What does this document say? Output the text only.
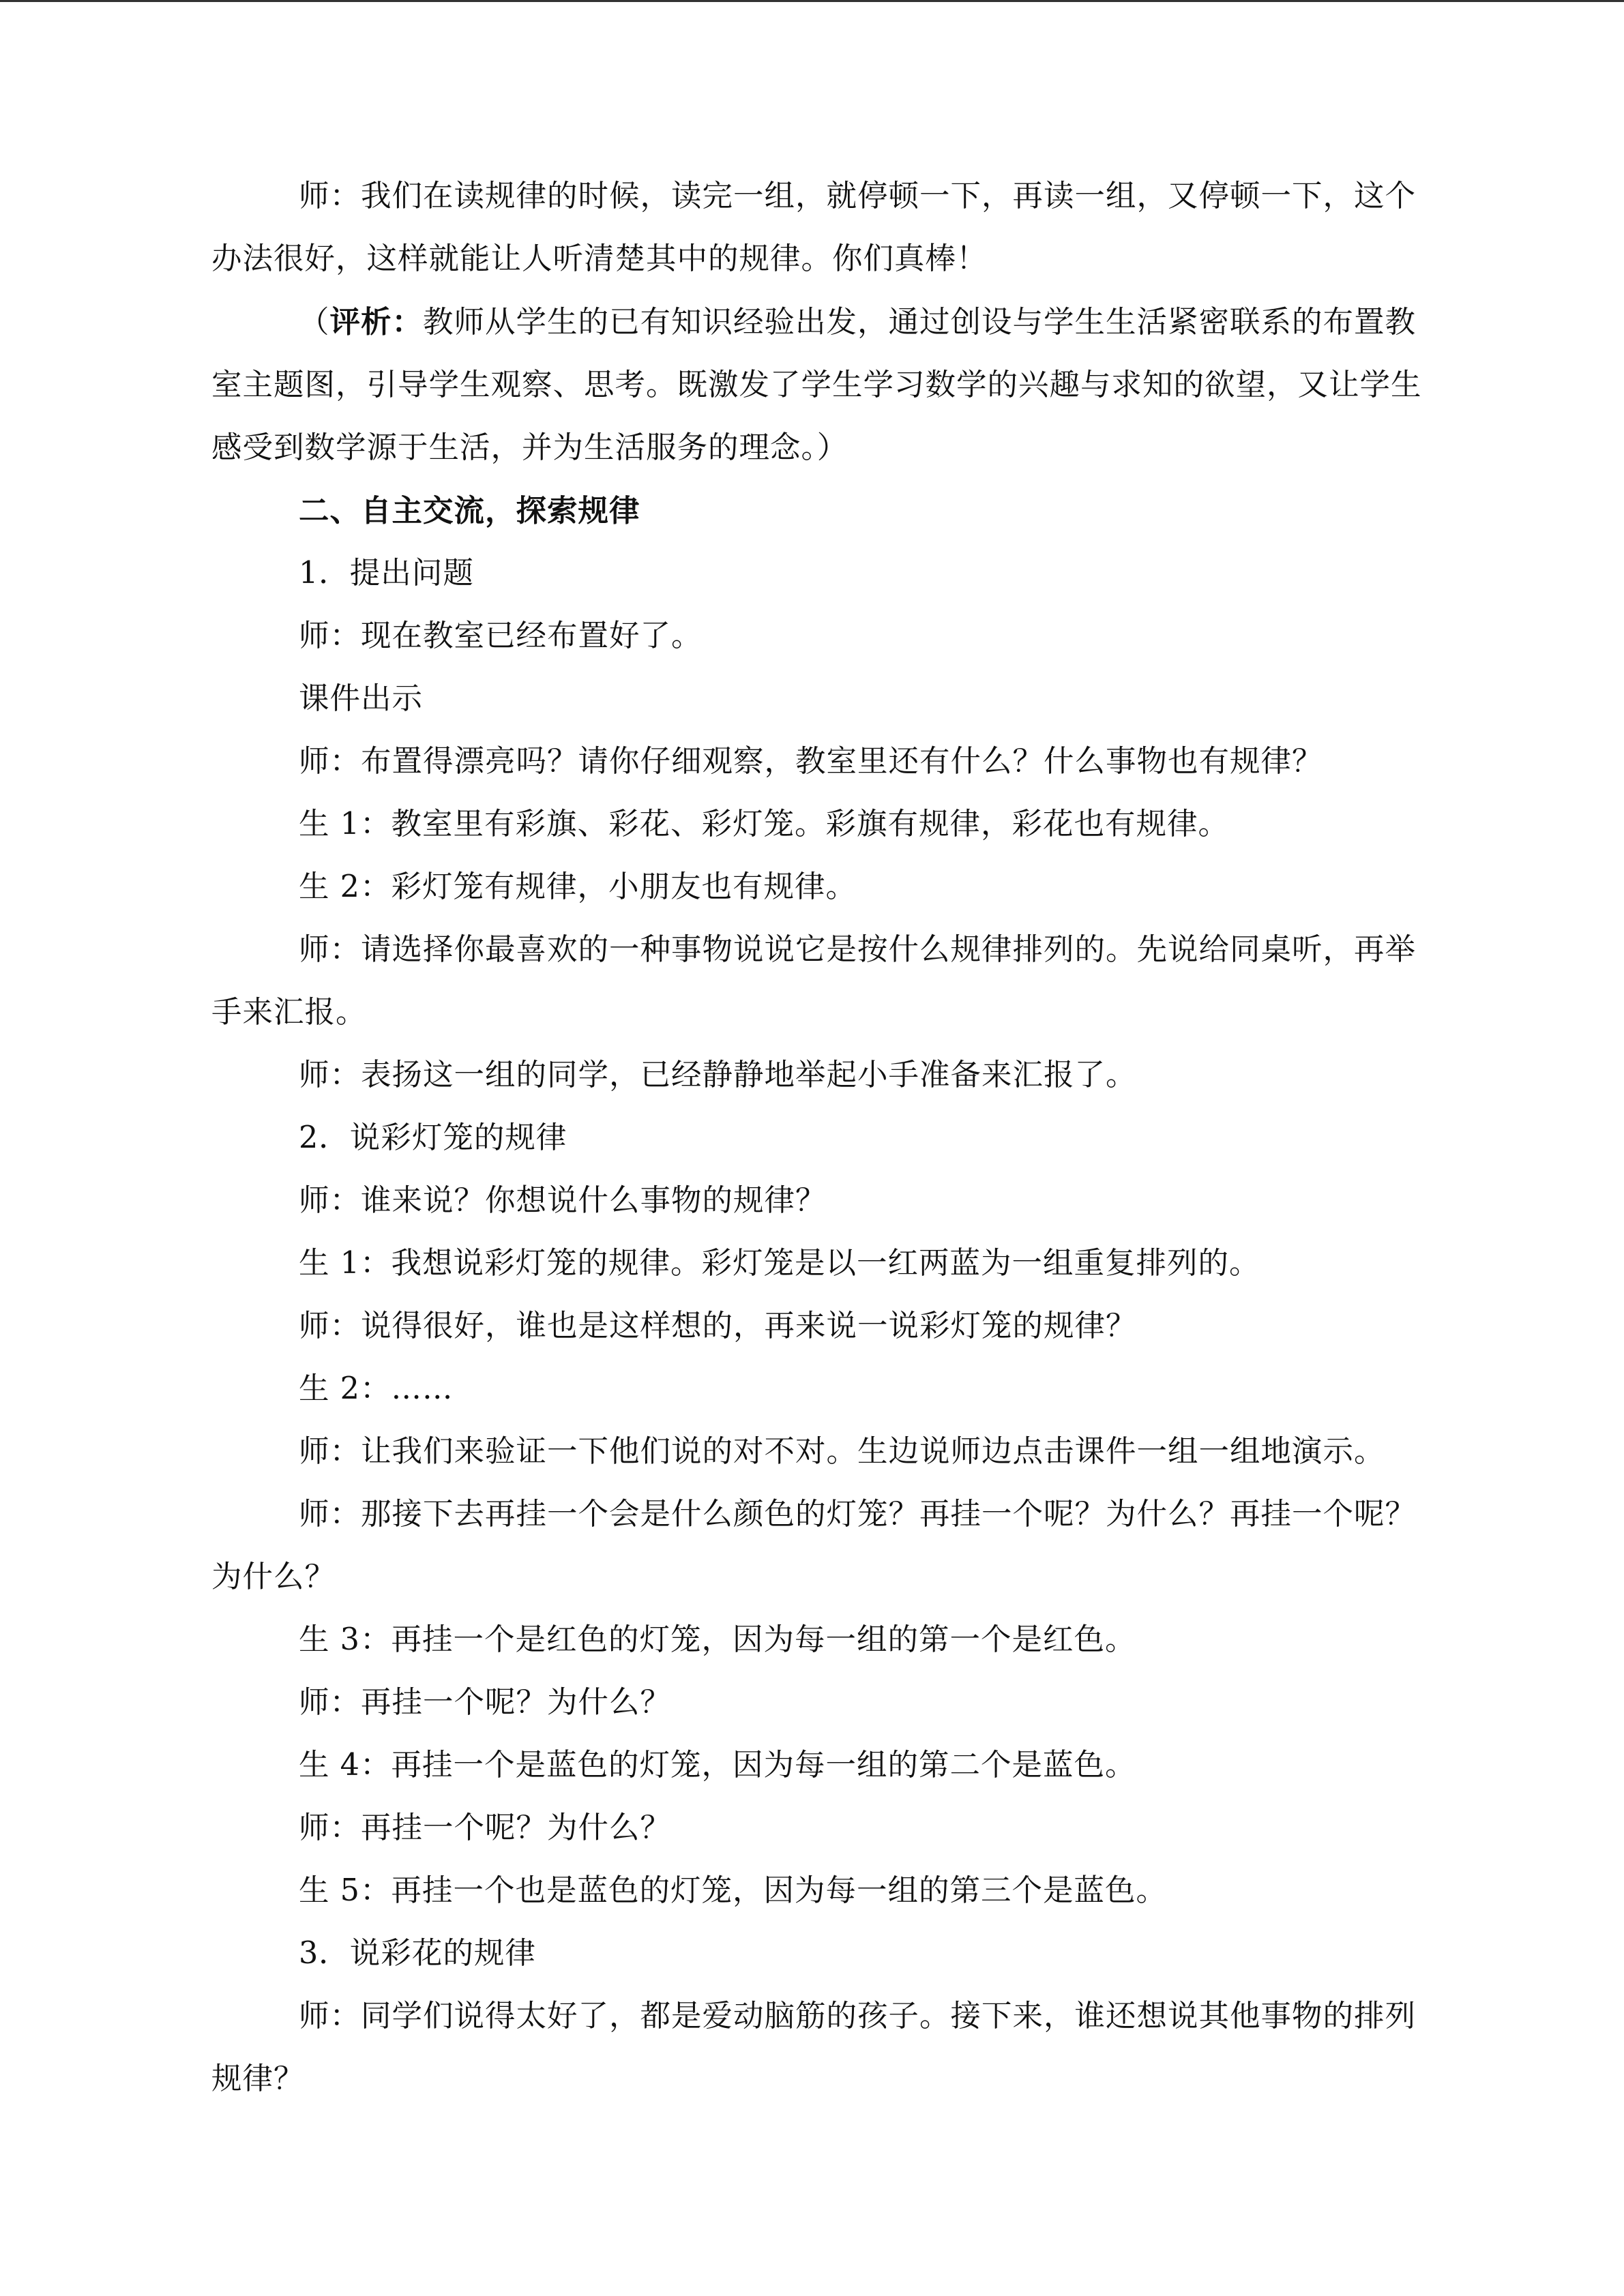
师：我们在读规律的时候，读完一组，就停顿一下，再读一组，又停顿一下，这个办法很好，这样就能让人听清楚其中的规律。你们真棒！

（评析：教师从学生的已有知识经验出发，通过创设与学生生活紧密联系的布置教室主题图，引导学生观察、思考。既激发了学生学习数学的兴趣与求知的欲望，又让学生感受到数学源于生活，并为生活服务的理念。）

二、自主交流，探索规律

1．提出问题

师：现在教室已经布置好了。

课件出示

师：布置得漂亮吗？请你仔细观察，教室里还有什么？什么事物也有规律？

生 1：教室里有彩旗、彩花、彩灯笼。彩旗有规律，彩花也有规律。

生 2：彩灯笼有规律，小朋友也有规律。

师：请选择你最喜欢的一种事物说说它是按什么规律排列的。先说给同桌听，再举手来汇报。

师：表扬这一组的同学，已经静静地举起小手准备来汇报了。

2．说彩灯笼的规律

师：谁来说？你想说什么事物的规律？

生 1：我想说彩灯笼的规律。彩灯笼是以一红两蓝为一组重复排列的。

师：说得很好，谁也是这样想的，再来说一说彩灯笼的规律？

生 2：……

师：让我们来验证一下他们说的对不对。生边说师边点击课件一组一组地演示。

师：那接下去再挂一个会是什么颜色的灯笼？再挂一个呢？为什么？再挂一个呢？为什么？

生 3：再挂一个是红色的灯笼，因为每一组的第一个是红色。

师：再挂一个呢？为什么？

生 4：再挂一个是蓝色的灯笼，因为每一组的第二个是蓝色。

师：再挂一个呢？为什么？

生 5：再挂一个也是蓝色的灯笼，因为每一组的第三个是蓝色。

3．说彩花的规律

师：同学们说得太好了，都是爱动脑筋的孩子。接下来，谁还想说其他事物的排列规律？
